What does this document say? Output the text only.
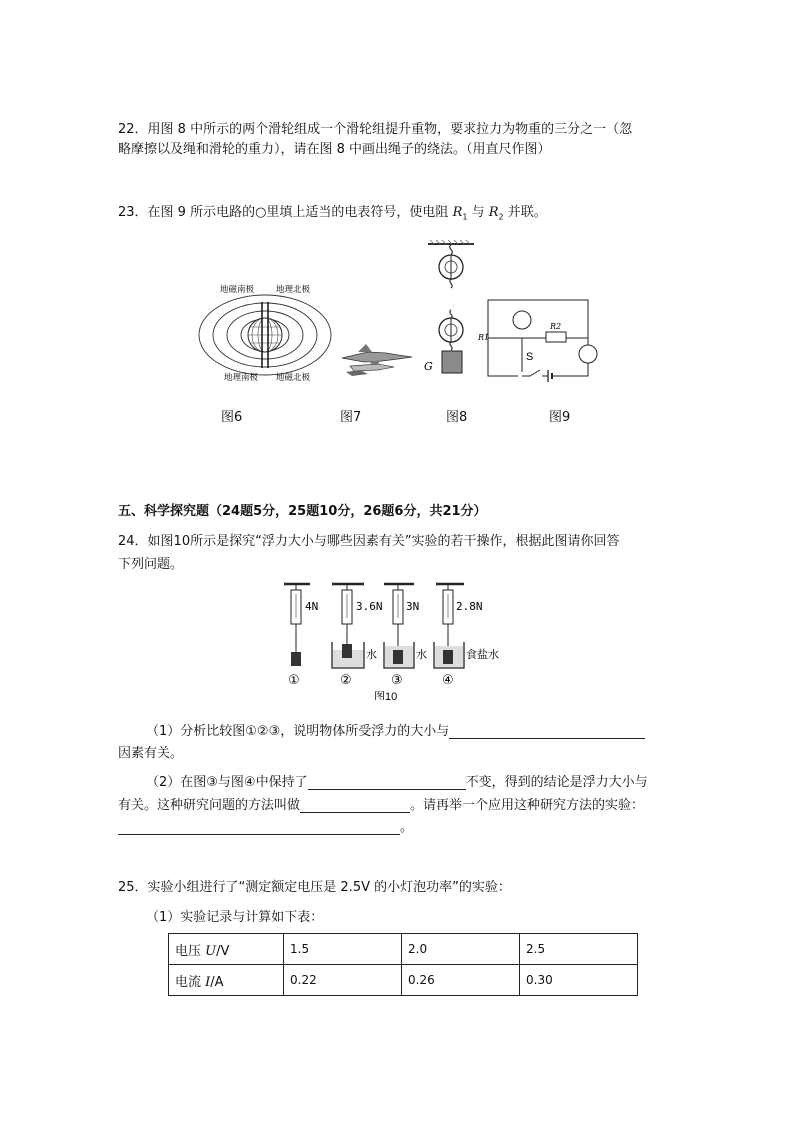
22．用图 8 中所示的两个滑轮组成一个滑轮组提升重物，要求拉力为物重的三分之一（忽
略摩擦以及绳和滑轮的重力），请在图 8 中画出绳子的绕法。（用直尺作图）
23．在图 9 所示电路的○里填上适当的电表符号，使电阻 $R_1$ 与 $R_2$ 并联。
地磁南极	地理北极
地理南极 地磁北极
G
R1
R2
S
图6	图7	图8	图9
五、科学探究题（24题5分，25题10分，26题6分，共21分）
24．如图10所示是探究“浮力大小与哪些因素有关”实验的若干操作，根据此图请你回答
下列问题。
4N	3.6N
水
3N
水
2.8N
食盐水
①	②	③	④
图10
（1）分析比较图①②③，说明物体所受浮力的大小与
因素有关。
（2）在图③与图④中保持了	不变，得到的结论是浮力大小与
有关。这种研究问题的方法叫做	。请再举一个应用这种研究方法的实验：
。
25．实验小组进行了“测定额定电压是 2.5V 的小灯泡功率”的实验：
（1）实验记录与计算如下表：
电压 U/V	1.5	2.0	2.5
电流 I/A	0.22	0.26	0.30
